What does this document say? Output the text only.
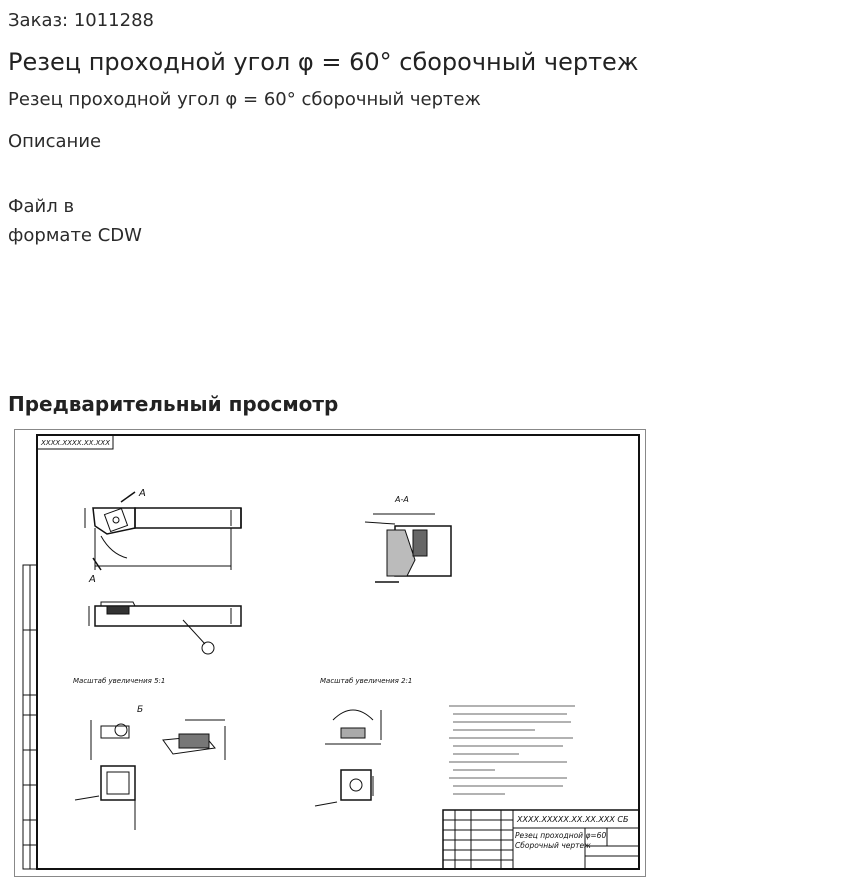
Заказ: 1011288
Резец проходной угол φ = 60° сборочный чертеж
Резец проходной угол φ = 60° сборочный чертеж
Описание
Файл в
формате CDW
Предварительный просмотр
ХХХХ.ХХХХ.ХХ.ХХХ
А
А
А-А
Масштаб увеличения 5:1	Масштаб увеличения 2:1
Б
ХХХХ.ХХХХХ.ХХ.ХХ.ХХХ СБ
Резец проходной φ=60
Сборочный чертеж
